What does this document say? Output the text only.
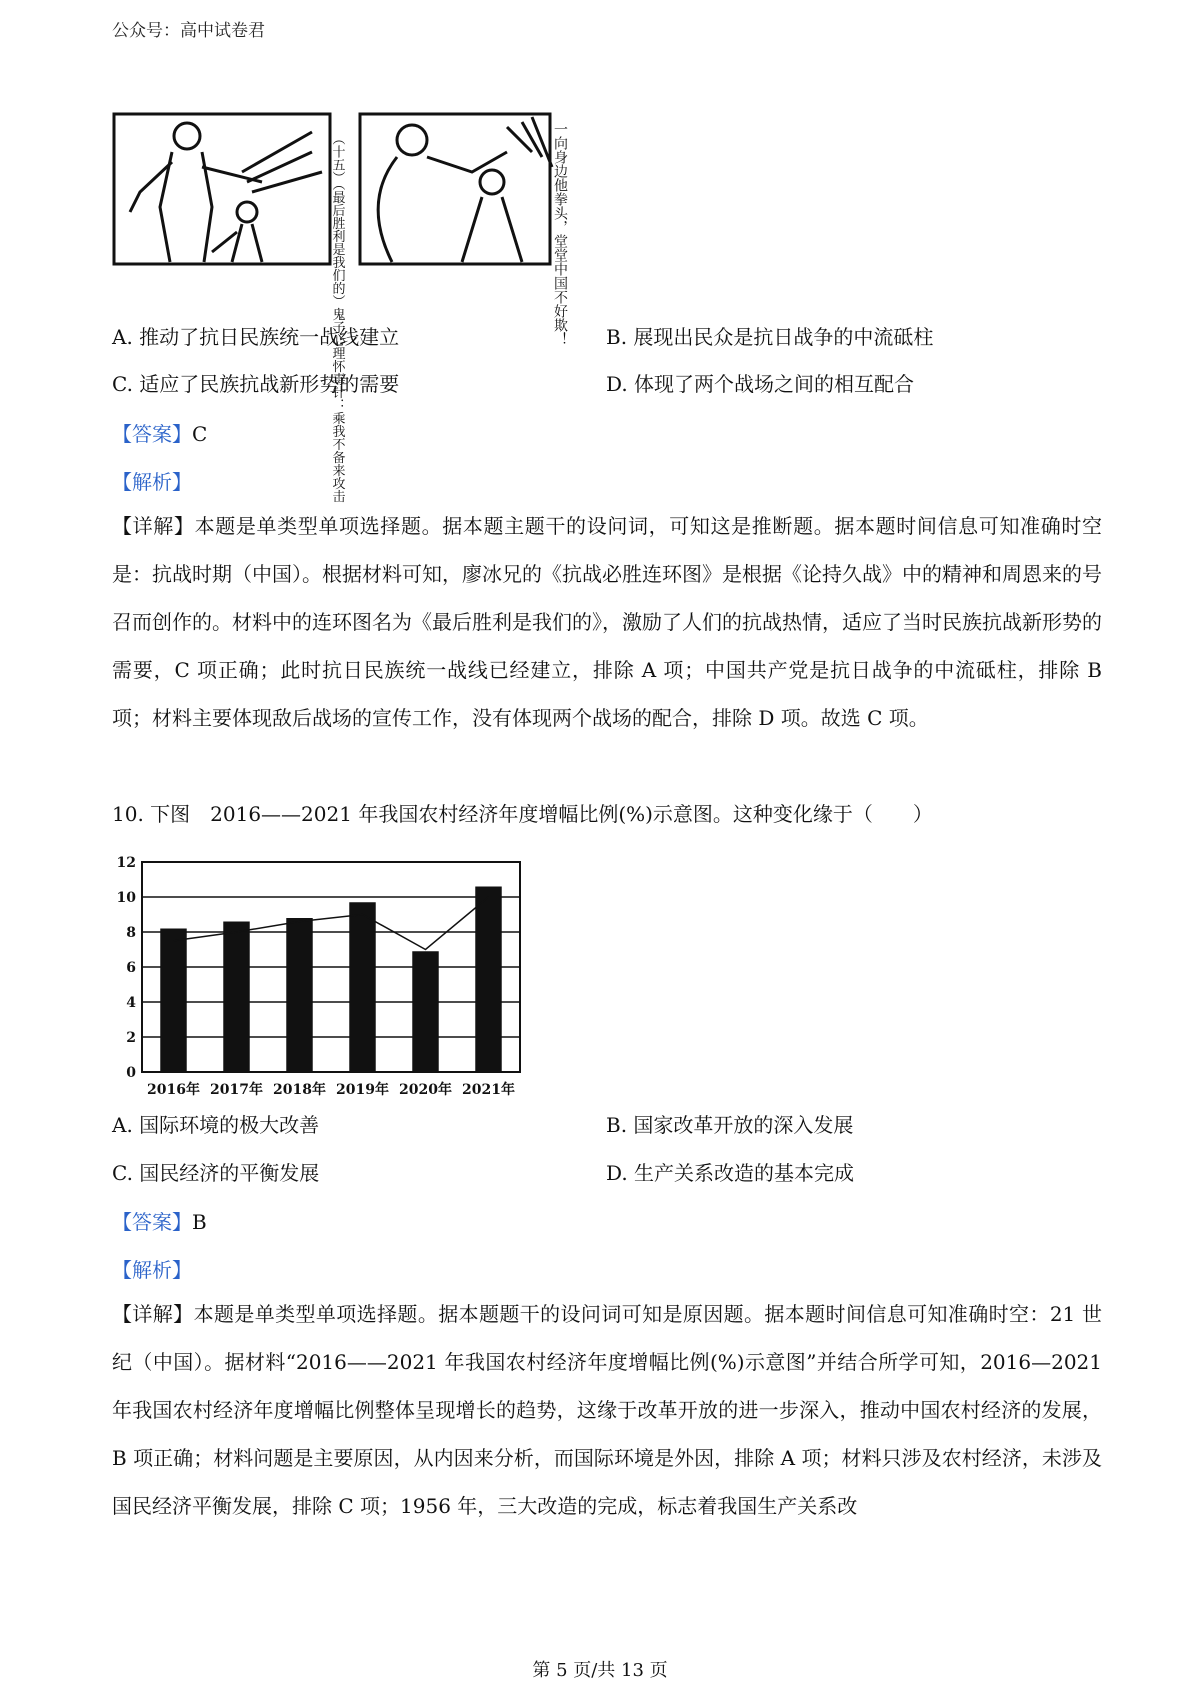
公众号：高中试卷君
（十五）（最后胜利是我们的）鬼子心理怀毒针：乘我不备来攻击	一向身边他拳头，堂堂中国不好欺！
A. 推动了抗日民族统一战线建立	B. 展现出民众是抗日战争的中流砥柱
C. 适应了民族抗战新形势的需要	D. 体现了两个战场之间的相互配合
【答案】C
【解析】

【详解】本题是单类型单项选择题。据本题主题干的设问词，可知这是推断题。据本题时间信息可知准确时空是：抗战时期（中国）。根据材料可知，廖冰兄的《抗战必胜连环图》是根据《论持久战》中的精神和周恩来的号召而创作的。材料中的连环图名为《最后胜利是我们的》，激励了人们的抗战热情，适应了当时民族抗战新形势的需要，C 项正确；此时抗日民族统一战线已经建立，排除 A 项；中国共产党是抗日战争的中流砥柱，排除 B 项；材料主要体现敌后战场的宣传工作，没有体现两个战场的配合，排除 D 项。故选 C 项。

10. 下图　2016——2021 年我国农村经济年度增幅比例(%)示意图。这种变化缘于（　　）
0
2
4
6
8
10
12
2016年 2017年 2018年 2019年 2020年 2021年
A. 国际环境的极大改善	B. 国家改革开放的深入发展
C. 国民经济的平衡发展	D. 生产关系改造的基本完成
【答案】B
【解析】

【详解】本题是单类型单项选择题。据本题题干的设问词可知是原因题。据本题时间信息可知准确时空：21 世纪（中国）。据材料“2016——2021 年我国农村经济年度增幅比例(%)示意图”并结合所学可知，2016—2021 年我国农村经济年度增幅比例整体呈现增长的趋势，这缘于改革开放的进一步深入，推动中国农村经济的发展，B 项正确；材料问题是主要原因，从内因来分析，而国际环境是外因，排除 A 项；材料只涉及农村经济，未涉及国民经济平衡发展，排除 C 项；1956 年，三大改造的完成，标志着我国生产关系改

第 5 页/共 13 页
